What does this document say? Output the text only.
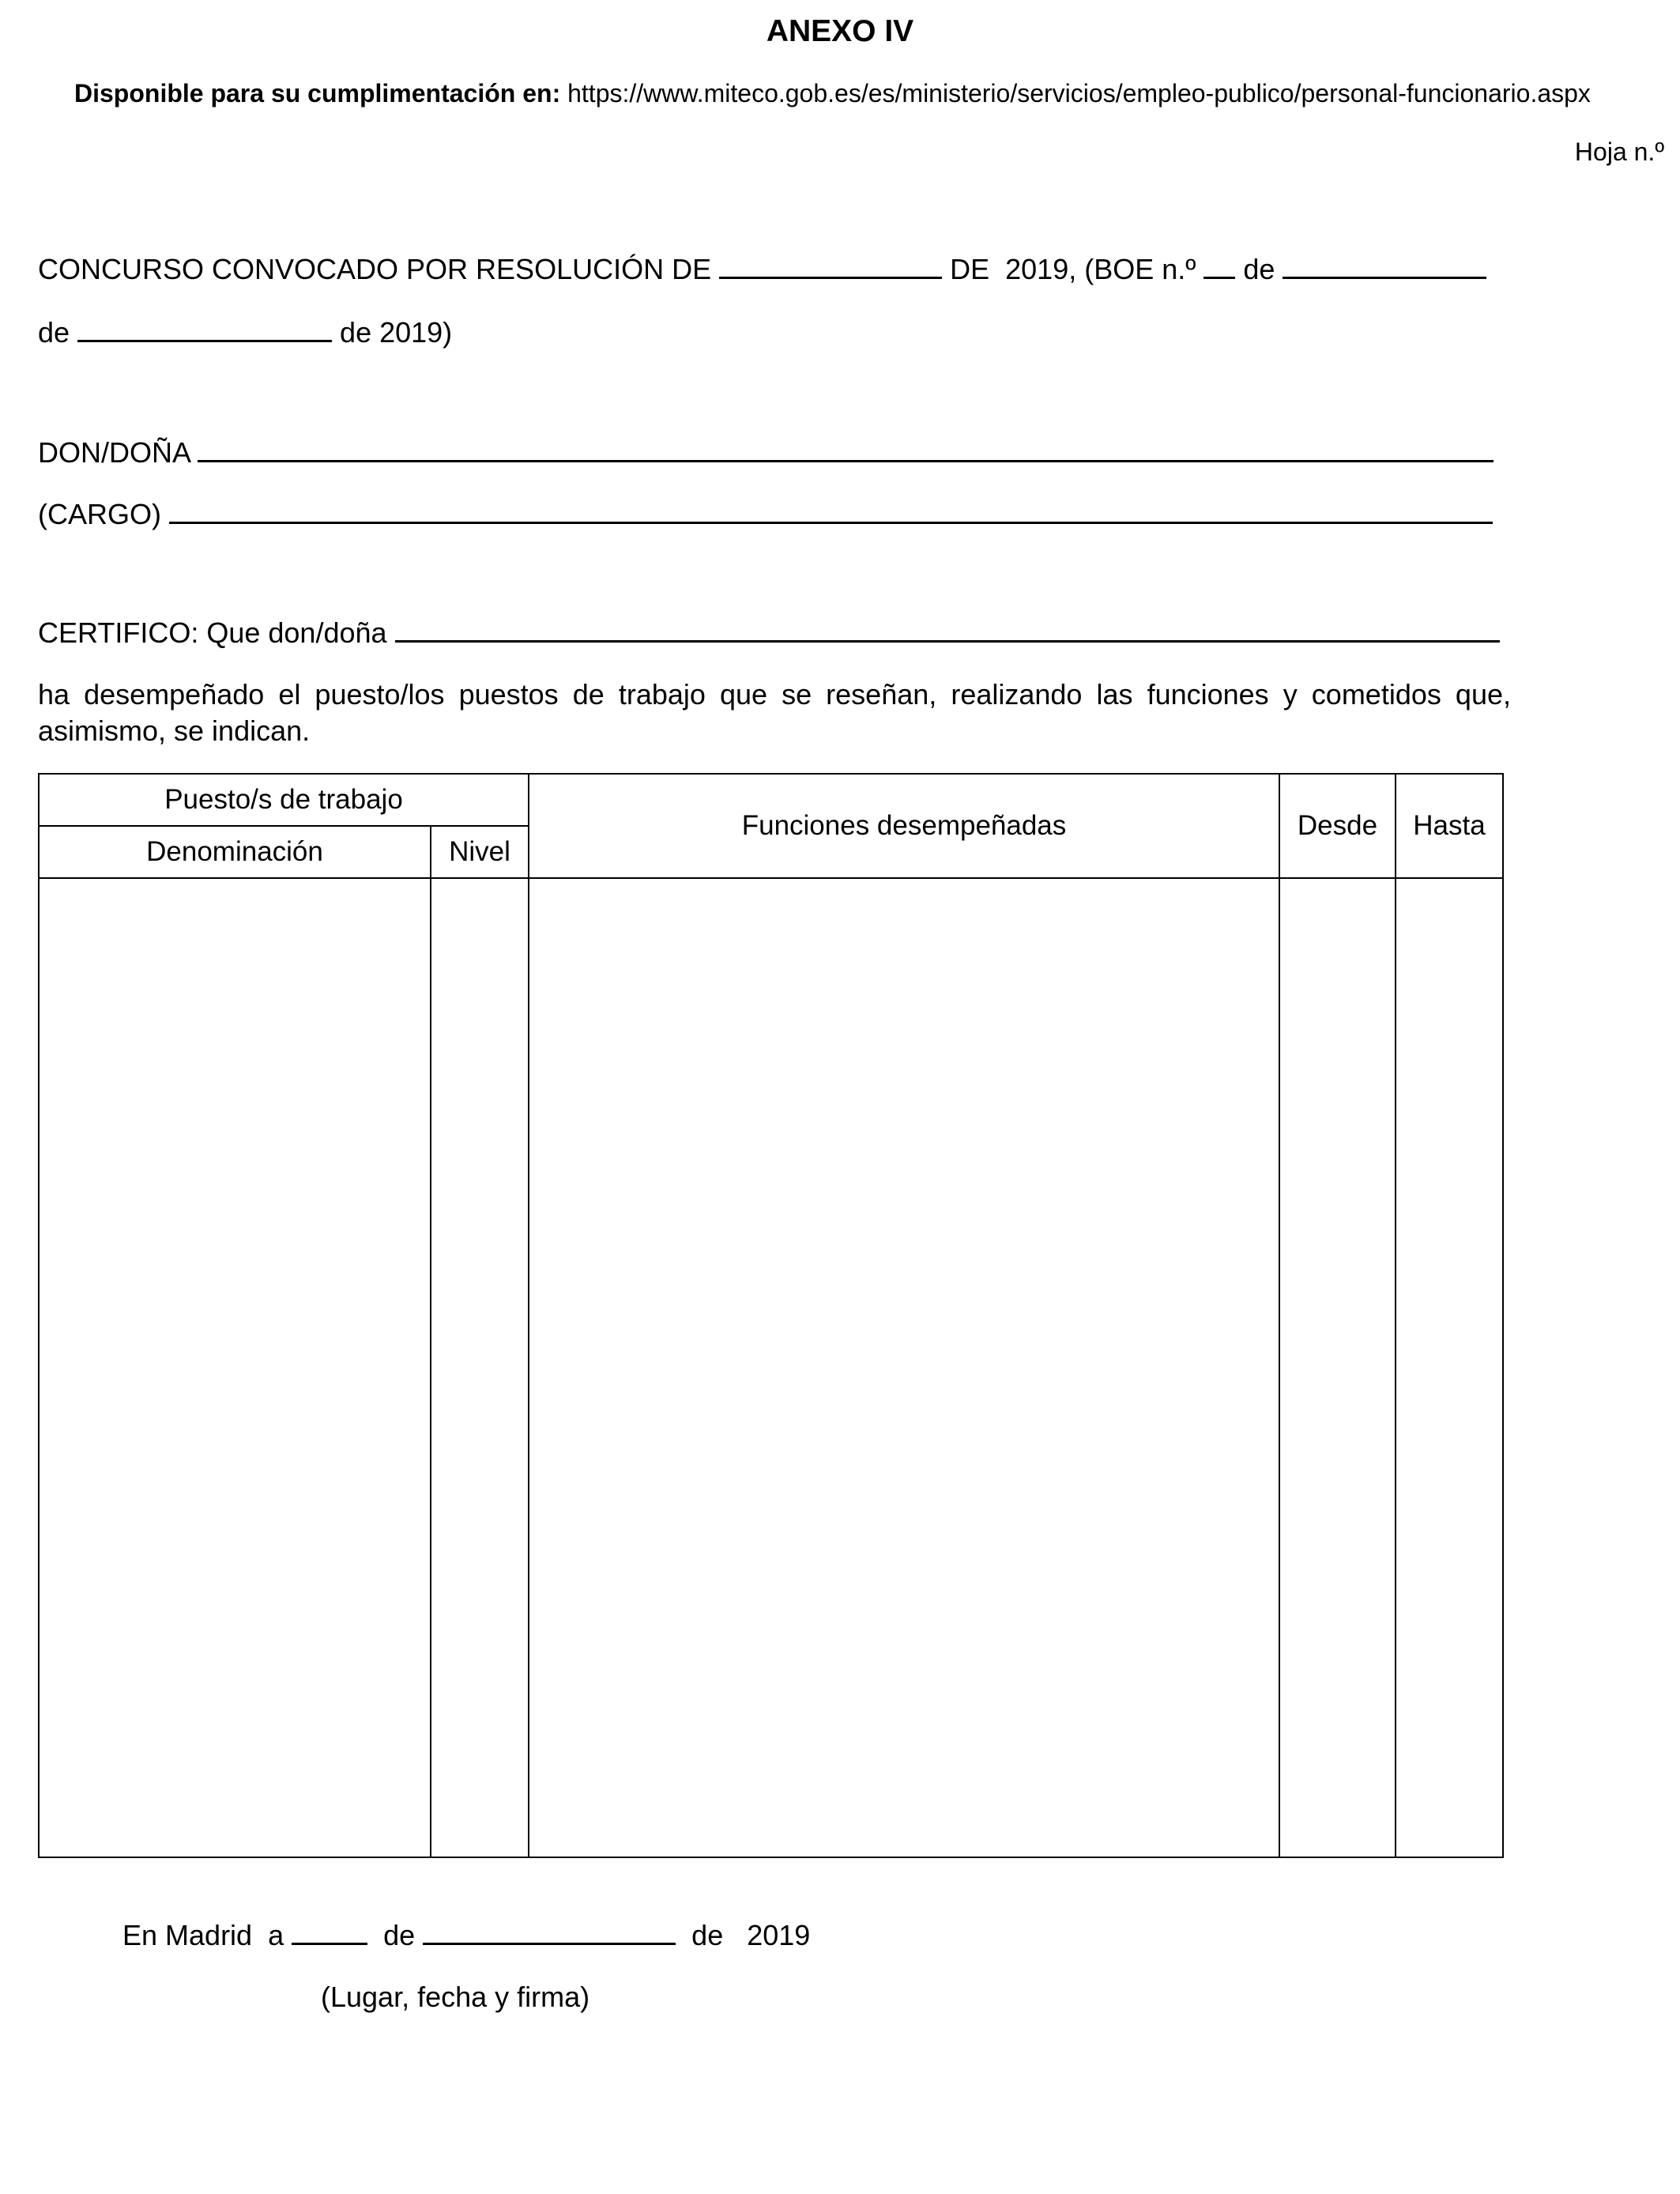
ANEXO IV
Disponible para su cumplimentación en: https://www.miteco.gob.es/es/ministerio/servicios/empleo-publico/personal-funcionario.aspx
Hoja n.º
CONCURSO CONVOCADO POR RESOLUCIÓN DE	DE  2019, (BOE n.º  de
de	de 2019)
DON/DOÑA
(CARGO)
CERTIFICO: Que don/doña
ha desempeñado el puesto/los puestos de trabajo que se reseñan, realizando las funciones y cometidos que, asimismo, se indican.
Puesto/s de trabajo		Funciones desempeñadas	Desde	Hasta
Denominación	Nivel			

En Madrid  a	de	de   2019
(Lugar, fecha y firma)
